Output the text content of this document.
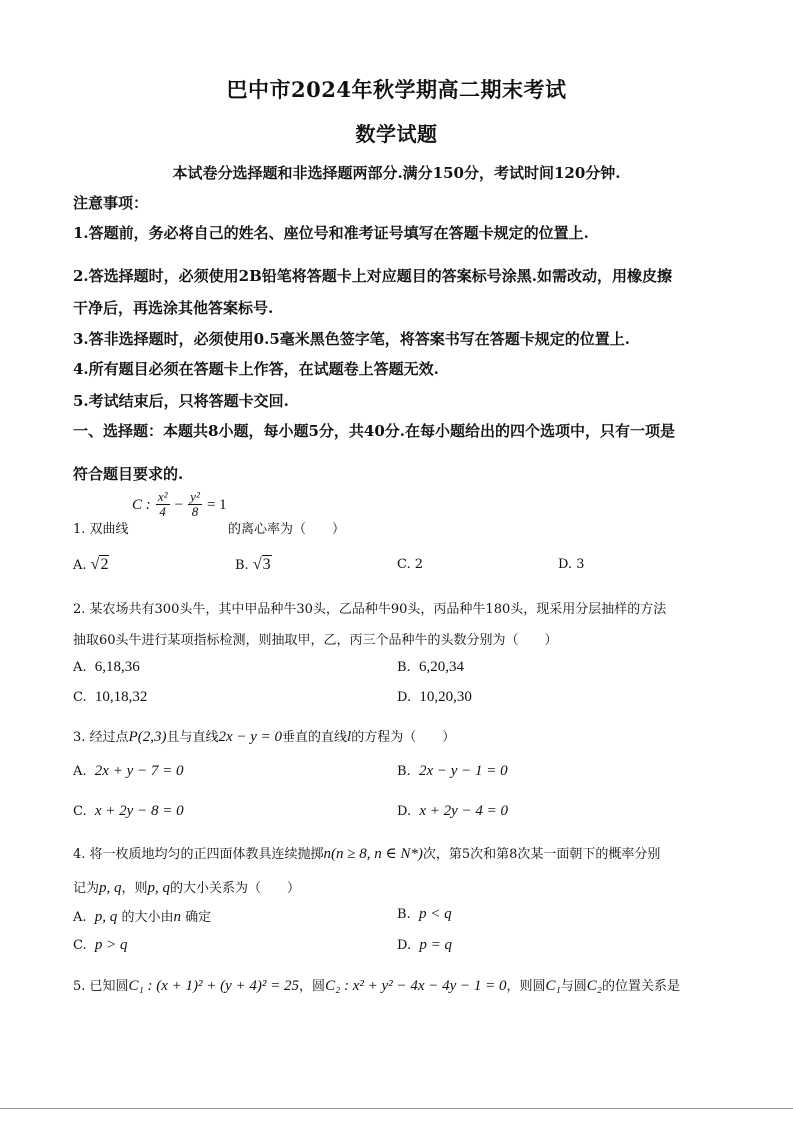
巴中市2024年秋学期高二期末考试
数学试题
本试卷分选择题和非选择题两部分.满分150分，考试时间120分钟.
注意事项：
1.答题前，务必将自己的姓名、座位号和准考证号填写在答题卡规定的位置上.
2.答选择题时，必须使用2B铅笔将答题卡上对应题目的答案标号涂黑.如需改动，用橡皮擦
干净后，再选涂其他答案标号.
3.答非选择题时，必须使用0.5毫米黑色签字笔，将答案书写在答题卡规定的位置上.
4.所有题目必须在答题卡上作答，在试题卷上答题无效.
5.考试结束后，只将答题卡交回.
一、选择题：本题共8小题，每小题5分，共40分.在每小题给出的四个选项中，只有一项是
符合题目要求的.
1. 双曲线
C : $\frac{\text{x²}}{4} - \frac{\text{y²}}{8} = 1$
的离心率为（　　）
A. √2	B. √3	C. 2	D. 3
2. 某农场共有300头牛，其中甲品种牛30头，乙品种牛90头，丙品种牛180头，现采用分层抽样的方法
抽取60头牛进行某项指标检测，则抽取甲，乙，丙三个品种牛的头数分别为（　　）
A. 6,18,36	B. 6,20,34
C. 10,18,32	D. 10,20,30
3. 经过点P(2,3)且与直线2x − y = 0垂直的直线l的方程为（　　）
A. 2x + y − 7 = 0	B. 2x − y − 1 = 0
C. x + 2y − 8 = 0	D. x + 2y − 4 = 0
4. 将一枚质地均匀的正四面体教具连续抛掷n(n ≥ 8, n ∈ N*)次，第5次和第8次某一面朝下的概率分别
记为p, q，则p, q的大小关系为（　　）
A. p, q 的大小由n 确定	B. p < q
C. p > q	D. p = q
5. 已知圆C₁ : (x + 1)² + (y + 4)² = 25，圆C₂ : x² + y² − 4x − 4y − 1 = 0，则圆C₁与圆C₂的位置关系是
